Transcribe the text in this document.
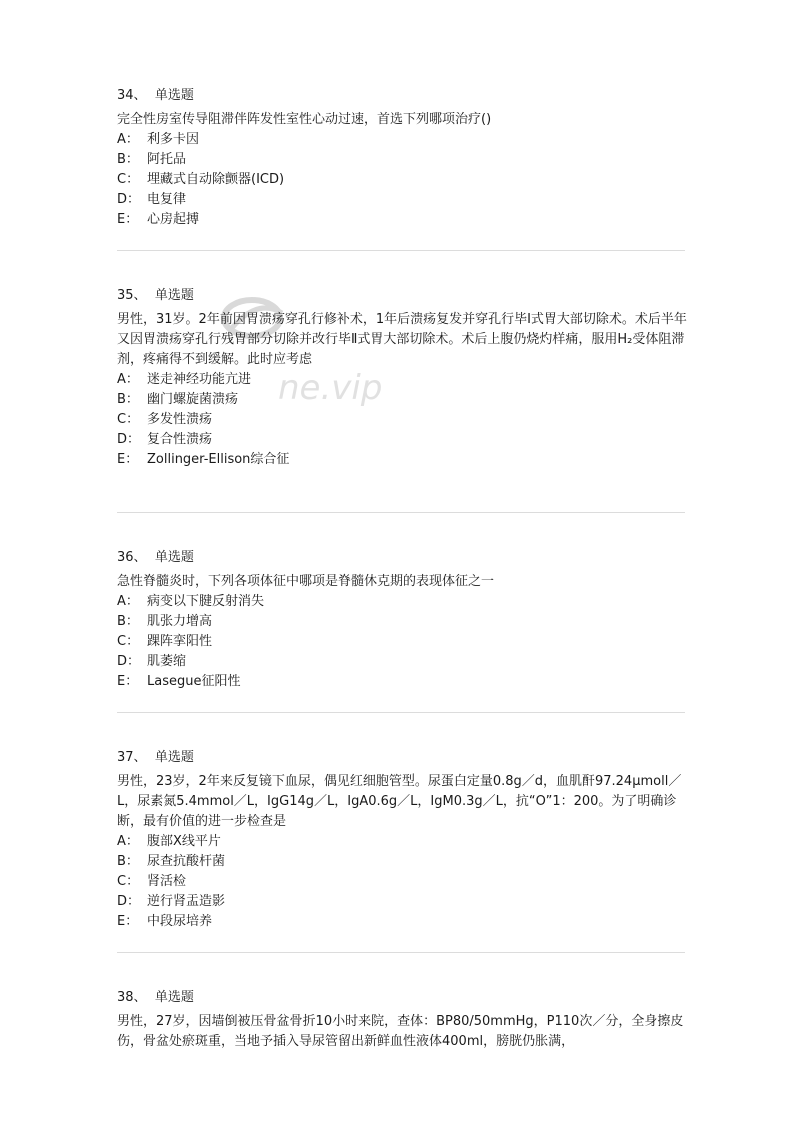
ne.vip
34、 单选题

完全性房室传导阻滞伴阵发性室性心动过速，首选下列哪项治疗()

A： 利多卡因
B： 阿托品
C： 埋藏式自动除颤器(ICD)
D： 电复律
E： 心房起搏
35、 单选题

男性，31岁。2年前因胃溃疡穿孔行修补术，1年后溃疡复发并穿孔行毕Ⅰ式胃大部切除术。术后半年又因胃溃疡穿孔行残胃部分切除并改行毕Ⅱ式胃大部切除术。术后上腹仍烧灼样痛，服用H₂受体阻滞剂，疼痛得不到缓解。此时应考虑

A： 迷走神经功能亢进
B： 幽门螺旋菌溃疡
C： 多发性溃疡
D： 复合性溃疡
E： Zollinger-Ellison综合征
36、 单选题

急性脊髓炎时，下列各项体征中哪项是脊髓休克期的表现体征之一

A： 病变以下腱反射消失
B： 肌张力增高
C： 踝阵挛阳性
D： 肌萎缩
E： Lasegue征阳性
37、 单选题

男性，23岁，2年来反复镜下血尿，偶见红细胞管型。尿蛋白定量0.8g／d，血肌酐97.24μmoll／L，尿素氮5.4mmol／L，IgG14g／L，IgA0.6g／L，IgM0.3g／L，抗“O”1：200。为了明确诊断，最有价值的进一步检查是

A： 腹部X线平片
B： 尿查抗酸杆菌
C： 肾活检
D： 逆行肾盂造影
E： 中段尿培养
38、 单选题

男性，27岁，因墙倒被压骨盆骨折10小时来院，查体：BP80/50mmHg，P110次／分，全身擦皮伤，骨盆处瘀斑重，当地予插入导尿管留出新鲜血性液体400ml，膀胱仍胀满，
